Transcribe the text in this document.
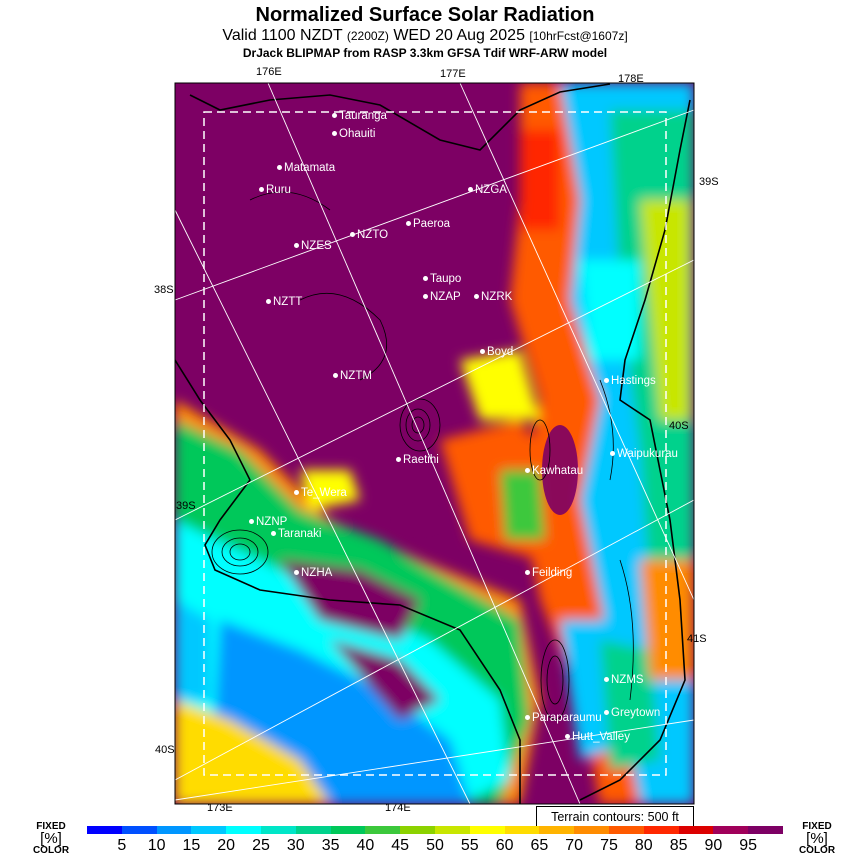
Normalized Surface Solar Radiation
Valid 1100 NZDT (2200Z) WED 20 Aug 2025 [10hrFcst@1607z]
DrJack BLIPMAP from RASP 3.3km GFSA Tdif WRF-ARW model
176E	177E	178E
173E	174E
39S
38S
40S
39S
41S
40S
Tauranga
Ohauiti
Matamata
Ruru	NZGA
Paeroa
NZTO
NZES
Taupo
NZAP	NZRK
NZTT
Boyd
NZTM	Hastings
Waipukurau
Raetihi
Kawhatau
Te_Wera
NZNP
Taranaki
NZHA	Feilding
NZMS
Greytown
Paraparaumu
Hutt_Valley
Terrain contours: 500 ft
FIXED
[%]
COLOR
FIXED
[%]
COLOR
5	10	15	20	25	30	35	40	45	50	55	60	65	70	75	80	85	90	95
